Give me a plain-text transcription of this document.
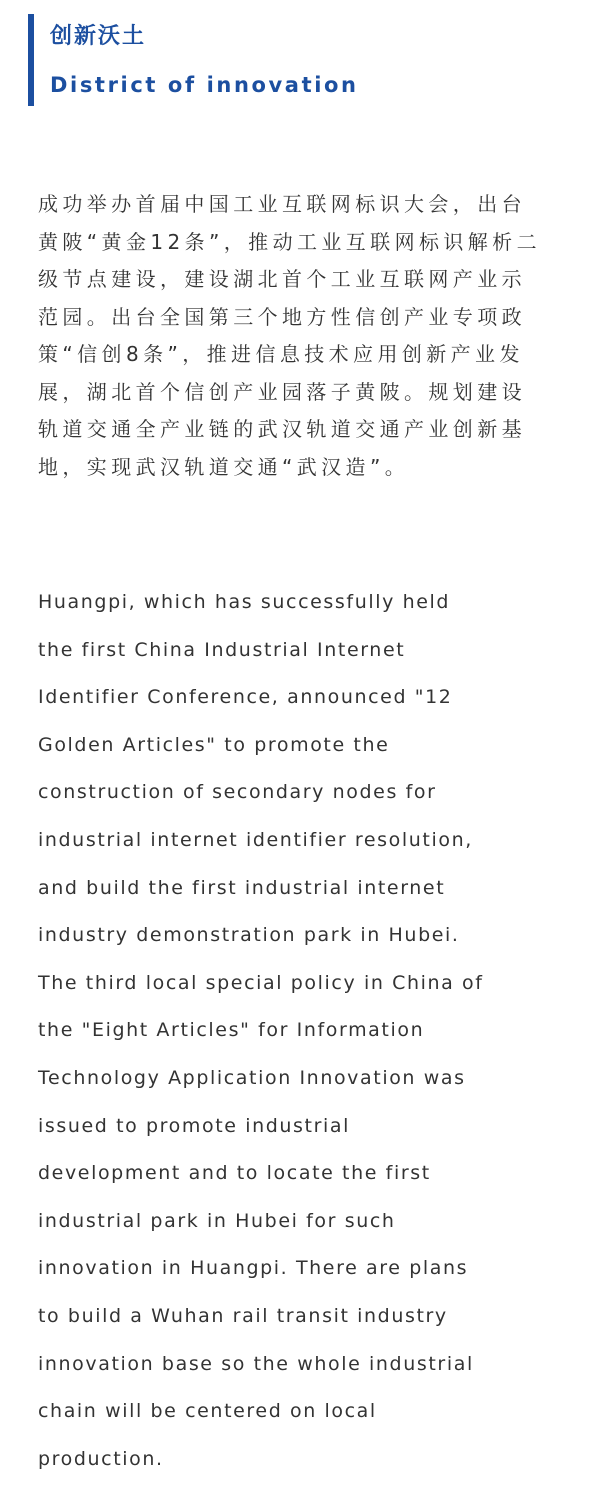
创新沃土
District of innovation
成功举办首届中国工业互联网标识大会，出台
黄陂“黄金12条”，推动工业互联网标识解析二
级节点建设，建设湖北首个工业互联网产业示
范园。出台全国第三个地方性信创产业专项政
策“信创8条”，推进信息技术应用创新产业发
展，湖北首个信创产业园落子黄陂。规划建设
轨道交通全产业链的武汉轨道交通产业创新基
地，实现武汉轨道交通“武汉造”。
Huangpi, which has successfully held
the first China Industrial Internet
Identifier Conference, announced "12
Golden Articles" to promote the
construction of secondary nodes for
industrial internet identifier resolution,
and build the first industrial internet
industry demonstration park in Hubei.
The third local special policy in China of
the "Eight Articles" for Information
Technology Application Innovation was
issued to promote industrial
development and to locate the first
industrial park in Hubei for such
innovation in Huangpi. There are plans
to build a Wuhan rail transit industry
innovation base so the whole industrial
chain will be centered on local
production.
